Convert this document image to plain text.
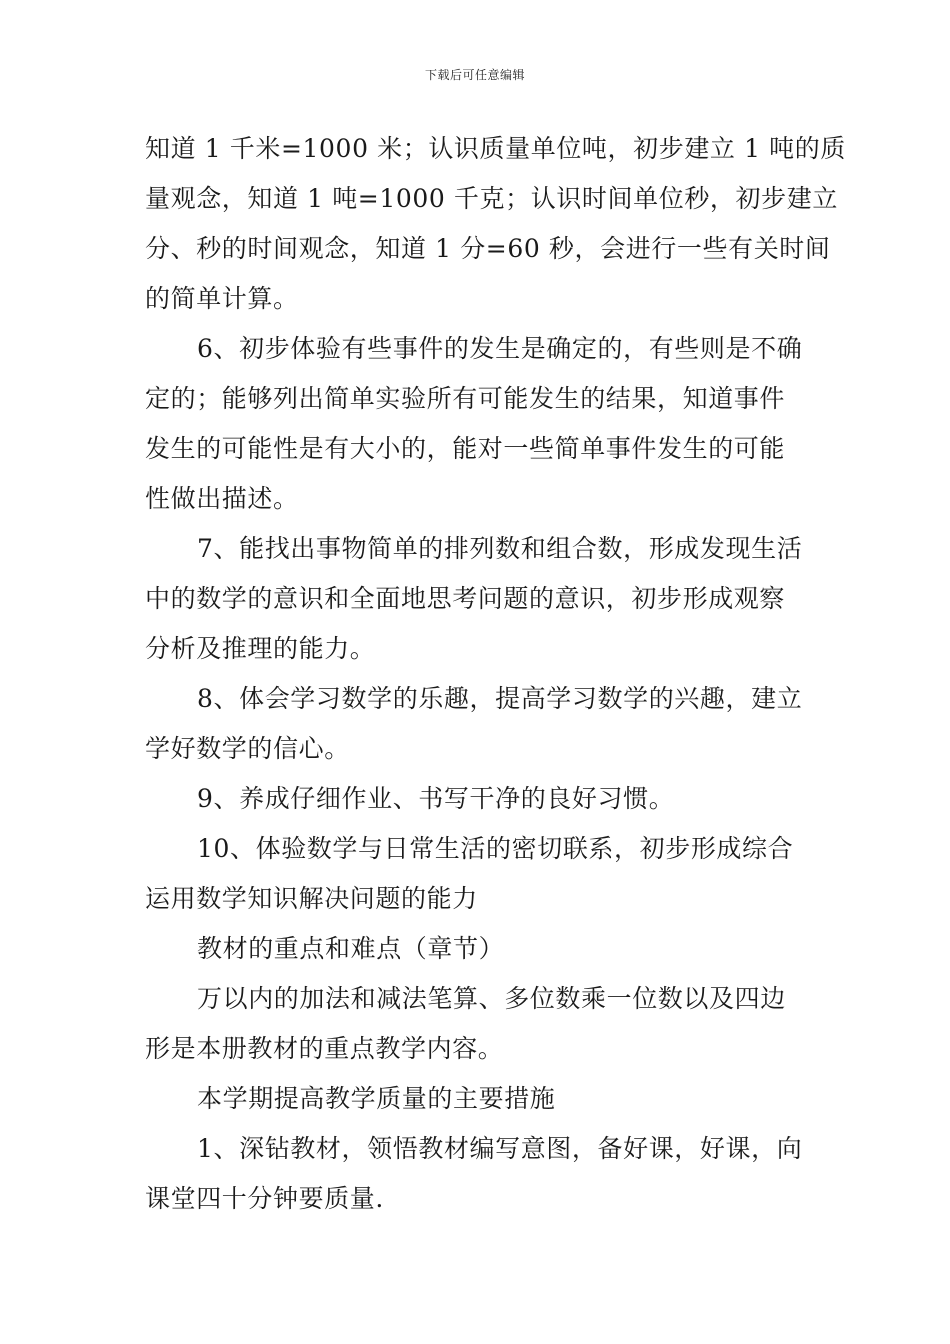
下载后可任意编辑
知道 1 千米=1000 米；认识质量单位吨，初步建立 1 吨的质
量观念，知道 1 吨=1000 千克；认识时间单位秒，初步建立
分、秒的时间观念，知道 1 分=60 秒，会进行一些有关时间
的简单计算。
6、初步体验有些事件的发生是确定的，有些则是不确
定的；能够列出简单实验所有可能发生的结果，知道事件
发生的可能性是有大小的，能对一些简单事件发生的可能
性做出描述。
7、能找出事物简单的排列数和组合数，形成发现生活
中的数学的意识和全面地思考问题的意识，初步形成观察
分析及推理的能力。
8、体会学习数学的乐趣，提高学习数学的兴趣，建立
学好数学的信心。
9、养成仔细作业、书写干净的良好习惯。
10、体验数学与日常生活的密切联系，初步形成综合
运用数学知识解决问题的能力
教材的重点和难点（章节）
万以内的加法和减法笔算、多位数乘一位数以及四边
形是本册教材的重点教学内容。
本学期提高教学质量的主要措施
1、深钻教材，领悟教材编写意图，备好课，好课，向
课堂四十分钟要质量.
